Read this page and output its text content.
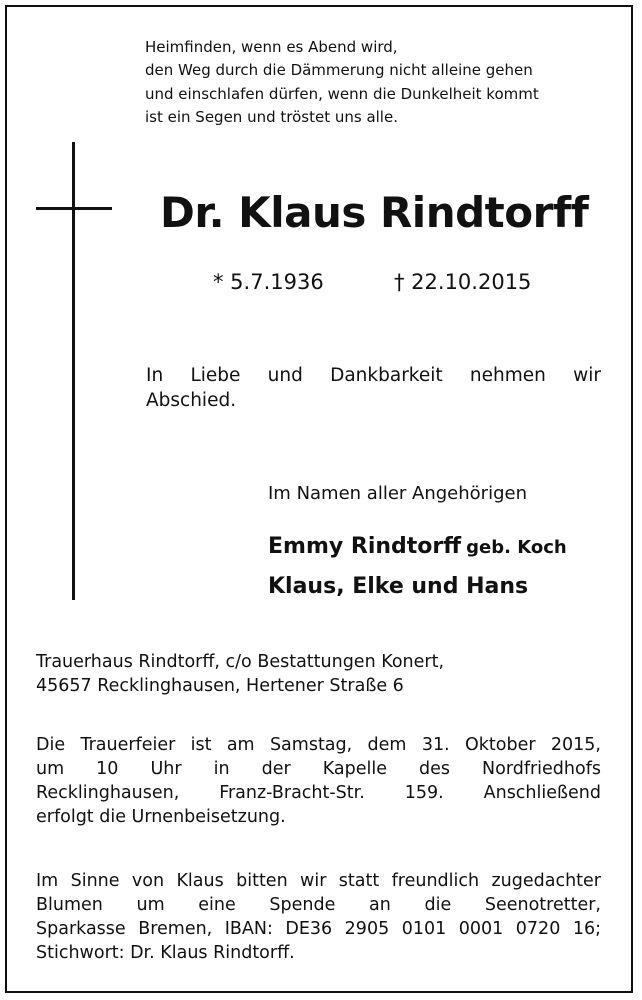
Heimfinden, wenn es Abend wird,
den Weg durch die Dämmerung nicht alleine gehen
und einschlafen dürfen, wenn die Dunkelheit kommt
ist ein Segen und tröstet uns alle.
Dr. Klaus Rindtorff
* 5.7.1936	† 22.10.2015
In Liebe und Dankbarkeit nehmen wir
Abschied.
Im Namen aller Angehörigen
Emmy Rindtorff geb. Koch
Klaus, Elke und Hans
Trauerhaus Rindtorff, c/o Bestattungen Konert,
45657 Recklinghausen, Hertener Straße 6
Die Trauerfeier ist am Samstag, dem 31. Oktober 2015,
um 10 Uhr in der Kapelle des Nordfriedhofs
Recklinghausen, Franz-Bracht-Str. 159. Anschließend
erfolgt die Urnenbeisetzung.
Im Sinne von Klaus bitten wir statt freundlich zugedachter
Blumen um eine Spende an die Seenotretter,
Sparkasse Bremen, IBAN: DE36 2905 0101 0001 0720 16;
Stichwort: Dr. Klaus Rindtorff.
